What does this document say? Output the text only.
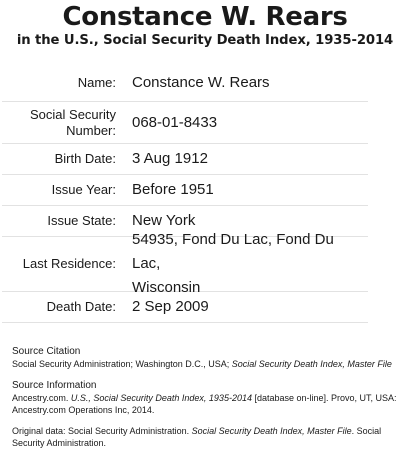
Constance W. Rears
in the U.S., Social Security Death Index, 1935-2014
Name:	Constance W. Rears
Social Security
Number: 068-01-8433
Birth Date:	3 Aug 1912
Issue Year:	Before 1951
Issue State:	New York
Last Residence:
54935, Fond Du Lac, Fond Du Lac,
Wisconsin
Death Date:	2 Sep 2009

Source Citation

Social Security Administration; Washington D.C., USA; Social Security Death Index, Master File

Source Information

Ancestry.com. U.S., Social Security Death Index, 1935-2014 [database on-line]. Provo, UT, USA: Ancestry.com Operations Inc, 2014.

Original data: Social Security Administration. Social Security Death Index, Master File. Social Security Administration.
